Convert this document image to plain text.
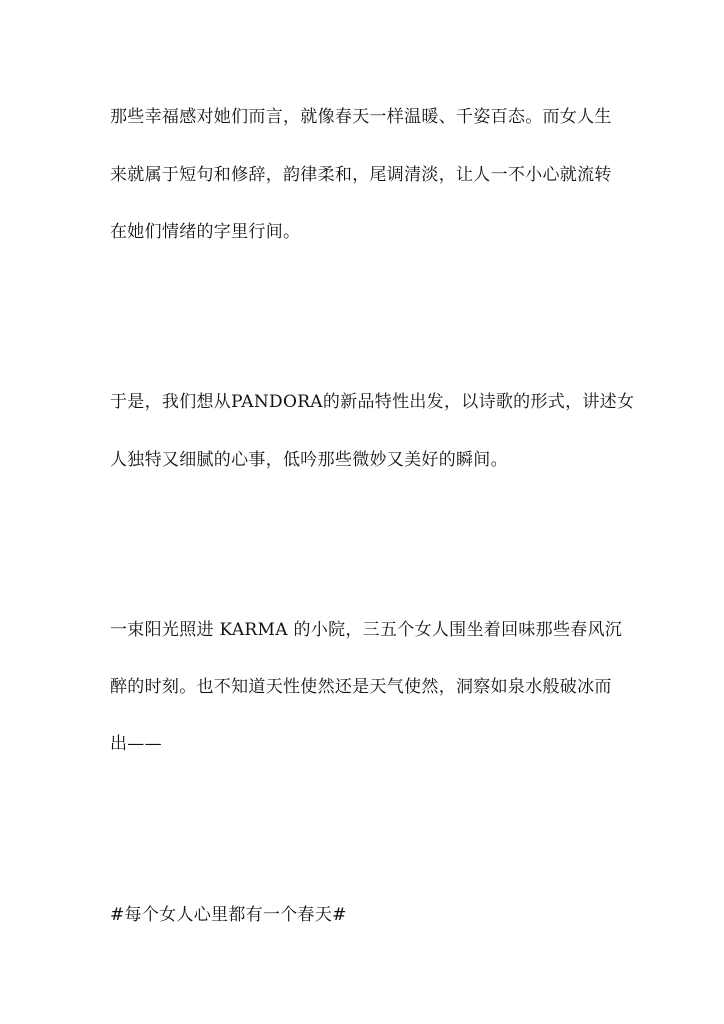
那些幸福感对她们而言，就像春天一样温暖、千姿百态。而女人生
来就属于短句和修辞，韵律柔和，尾调清淡，让人一不小心就流转
在她们情绪的字里行间。
于是，我们想从PANDORA的新品特性出发，以诗歌的形式，讲述女
人独特又细腻的心事，低吟那些微妙又美好的瞬间。
一束阳光照进 KARMA 的小院，三五个女人围坐着回味那些春风沉
醉的时刻。也不知道天性使然还是天气使然，洞察如泉水般破冰而
出——
#每个女人心里都有一个春天#
